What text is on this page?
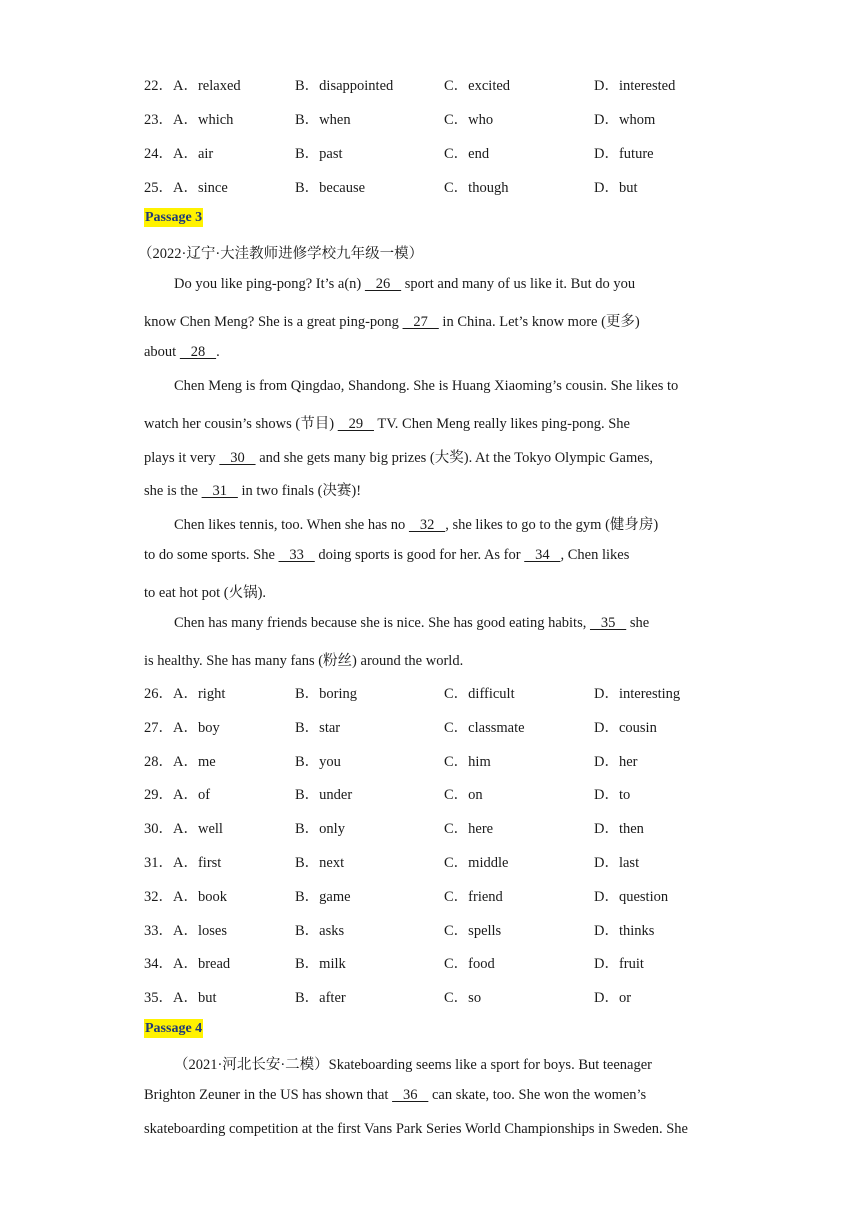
22．A．relaxed	B．disappointed	C．excited	D．interested
23．A．which	B．when	C．who	D．whom
24．A．air	B．past	C．end	D．future
25．A．since	B．because	C．though	D．but
Passage 3
（2022·辽宁·大洼教师进修学校九年级一模）
Do you like ping-pong? It’s a(n)    26    sport and many of us like it. But do you
know Chen Meng? She is a great ping-pong    27    in China. Let’s know more (更多)
about    28   .
Chen Meng is from Qingdao, Shandong. She is Huang Xiaoming’s cousin. She likes to
watch her cousin’s shows (节目)    29    TV. Chen Meng really likes ping-pong. She
plays it very    30    and she gets many big prizes (大奖). At the Tokyo Olympic Games,
she is the    31    in two finals (决赛)!
Chen likes tennis, too. When she has no    32   , she likes to go to the gym (健身房)
to do some sports. She    33    doing sports is good for her. As for    34   , Chen likes
to eat hot pot (火锅).
Chen has many friends because she is nice. She has good eating habits,    35    she
is healthy. She has many fans (粉丝) around the world.
26．A．right	B．boring	C．difficult	D．interesting
27．A．boy	B．star	C．classmate	D．cousin
28．A．me	B．you	C．him	D．her
29．A．of	B．under	C．on	D．to
30．A．well	B．only	C．here	D．then
31．A．first	B．next	C．middle	D．last
32．A．book	B．game	C．friend	D．question
33．A．loses	B．asks	C．spells	D．thinks
34．A．bread	B．milk	C．food	D．fruit
35．A．but	B．after	C．so	D．or
Passage 4
（2021·河北长安·二模）Skateboarding seems like a sport for boys. But teenager
Brighton Zeuner in the US has shown that    36    can skate, too. She won the women’s
skateboarding competition at the first Vans Park Series World Championships in Sweden. She
